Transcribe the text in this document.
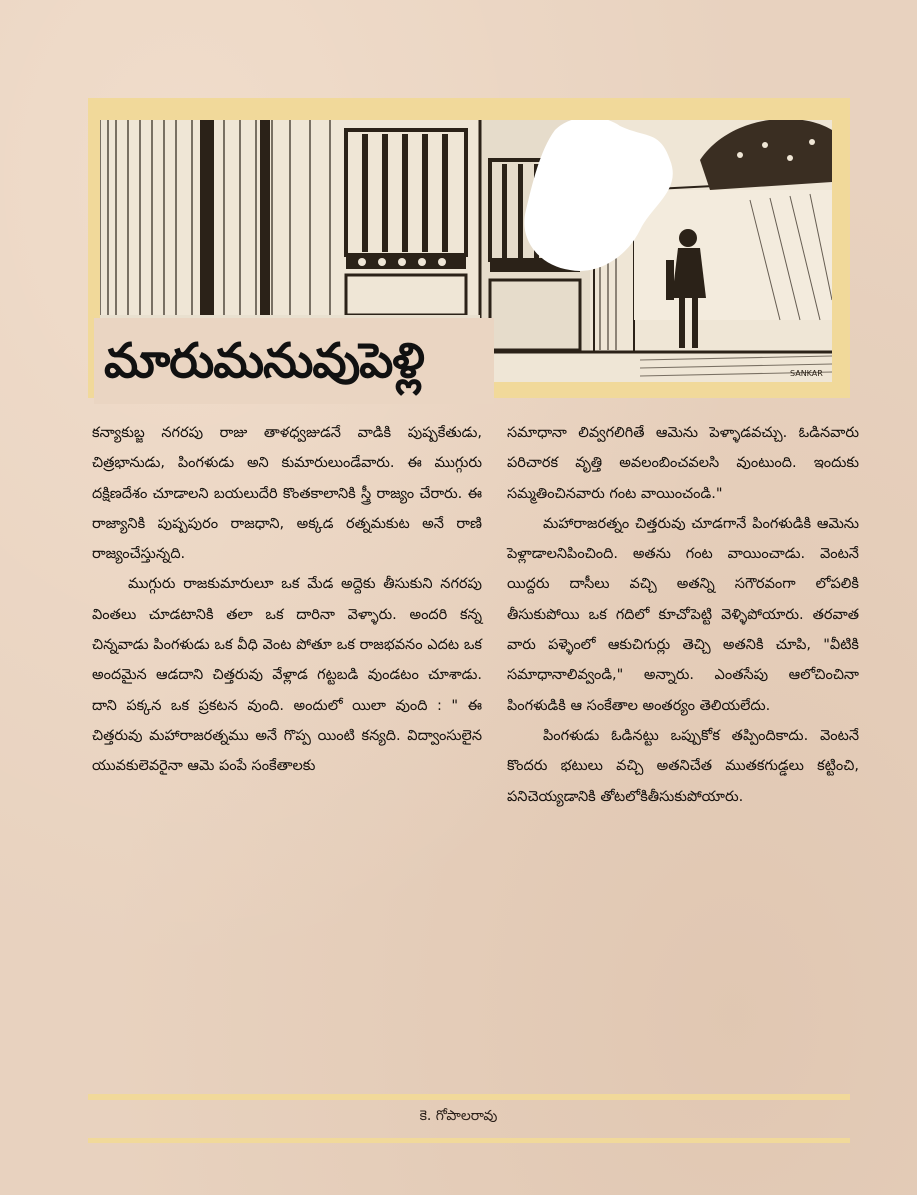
SANKAR
మారుమనువుపెళ్లి

కన్యాకుబ్జ నగరపు రాజు తాళధ్వజుడనే వాడికి పుష్పకేతుడు, చిత్రభానుడు, పింగళుడు అని కుమారులుండేవారు. ఈ ముగ్గురు దక్షిణదేశం చూడాలని బయలుదేరి కొంతకాలానికి స్త్రీ రాజ్యం చేరారు. ఈ రాజ్యానికి పుష్పపురం రాజధాని, అక్కడ రత్నమకుట అనే రాణి రాజ్యంచేస్తున్నది.

ముగ్గురు రాజకుమారులూ ఒక మేడ అద్దెకు తీసుకుని నగరపు వింతలు చూడటానికి తలా ఒక దారినా వెళ్ళారు. అందరి కన్న చిన్నవాడు పింగళుడు ఒక వీధి వెంట పోతూ ఒక రాజభవనం ఎదట ఒక అందమైన ఆడదాని చిత్తరువు వేళ్లాడ గట్టబడి వుండటం చూశాడు. దాని పక్కన ఒక ప్రకటన వుంది. అందులో యిలా వుంది : " ఈ చిత్తరువు మహారాజరత్నము అనే గొప్ప యింటి కన్యది. విద్వాంసులైన యువకులెవరైనా ఆమె పంపే సంకేతాలకు

సమాధానా లివ్వగలిగితే ఆమెను పెళ్ళాడవచ్చు. ఓడినవారు పరిచారక వృత్తి అవలంబించవలసి వుంటుంది. ఇందుకు సమ్మతించినవారు గంట వాయించండి."

మహారాజరత్నం చిత్తరువు చూడగానే పింగళుడికి ఆమెను పెళ్లాడాలనిపించింది. అతను గంట వాయించాడు. వెంటనే యిద్దరు దాసీలు వచ్చి అతన్ని సగౌరవంగా లోపలికి తీసుకుపోయి ఒక గదిలో కూచోపెట్టి వెళ్ళిపోయారు. తరవాత వారు పళ్ళెంలో ఆకుచిగుర్లు తెచ్చి అతనికి చూపి, "వీటికి సమాధానాలివ్వండి," అన్నారు. ఎంతసేపు ఆలోచించినా పింగళుడికి ఆ సంకేతాల అంతర్యం తెలియలేదు.

పింగళుడు ఓడినట్టు ఒప్పుకోక తప్పిందికాదు. వెంటనే కొందరు భటులు వచ్చి అతనిచేత ముతకగుడ్డలు కట్టించి, పనిచెయ్యడానికి తోటలోకితీసుకుపోయారు.

కె. గోపాలరావు
